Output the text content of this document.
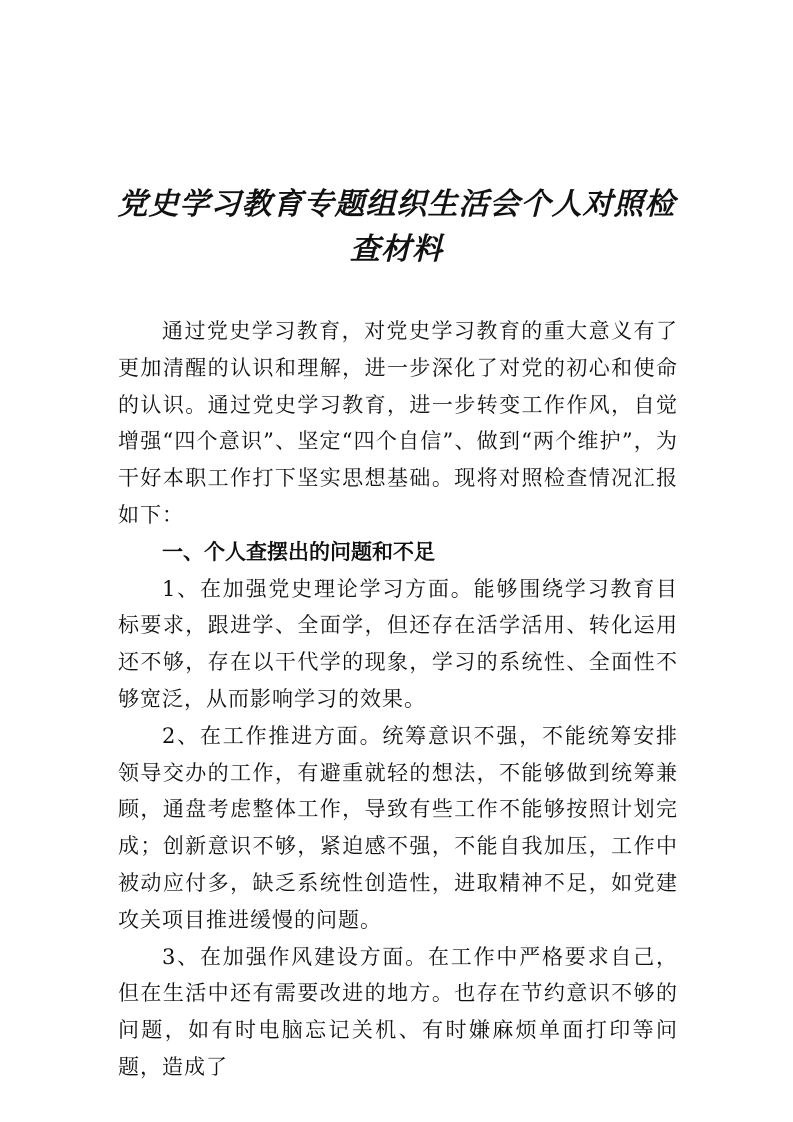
党史学习教育专题组织生活会个人对照检
查材料

通过党史学习教育，对党史学习教育的重大意义有了更加清醒的认识和理解，进一步深化了对党的初心和使命的认识。通过党史学习教育，进一步转变工作作风，自觉增强“四个意识”、坚定“四个自信”、做到“两个维护”，为干好本职工作打下坚实思想基础。现将对照检查情况汇报如下：

一、个人查摆出的问题和不足

1、在加强党史理论学习方面。能够围绕学习教育目标要求，跟进学、全面学，但还存在活学活用、转化运用还不够，存在以干代学的现象，学习的系统性、全面性不够宽泛，从而影响学习的效果。

2、在工作推进方面。统筹意识不强，不能统筹安排领导交办的工作，有避重就轻的想法，不能够做到统筹兼顾，通盘考虑整体工作，导致有些工作不能够按照计划完成；创新意识不够，紧迫感不强，不能自我加压，工作中被动应付多，缺乏系统性创造性，进取精神不足，如党建攻关项目推进缓慢的问题。

3、在加强作风建设方面。在工作中严格要求自己，但在生活中还有需要改进的地方。也存在节约意识不够的问题，如有时电脑忘记关机、有时嫌麻烦单面打印等问题，造成了
